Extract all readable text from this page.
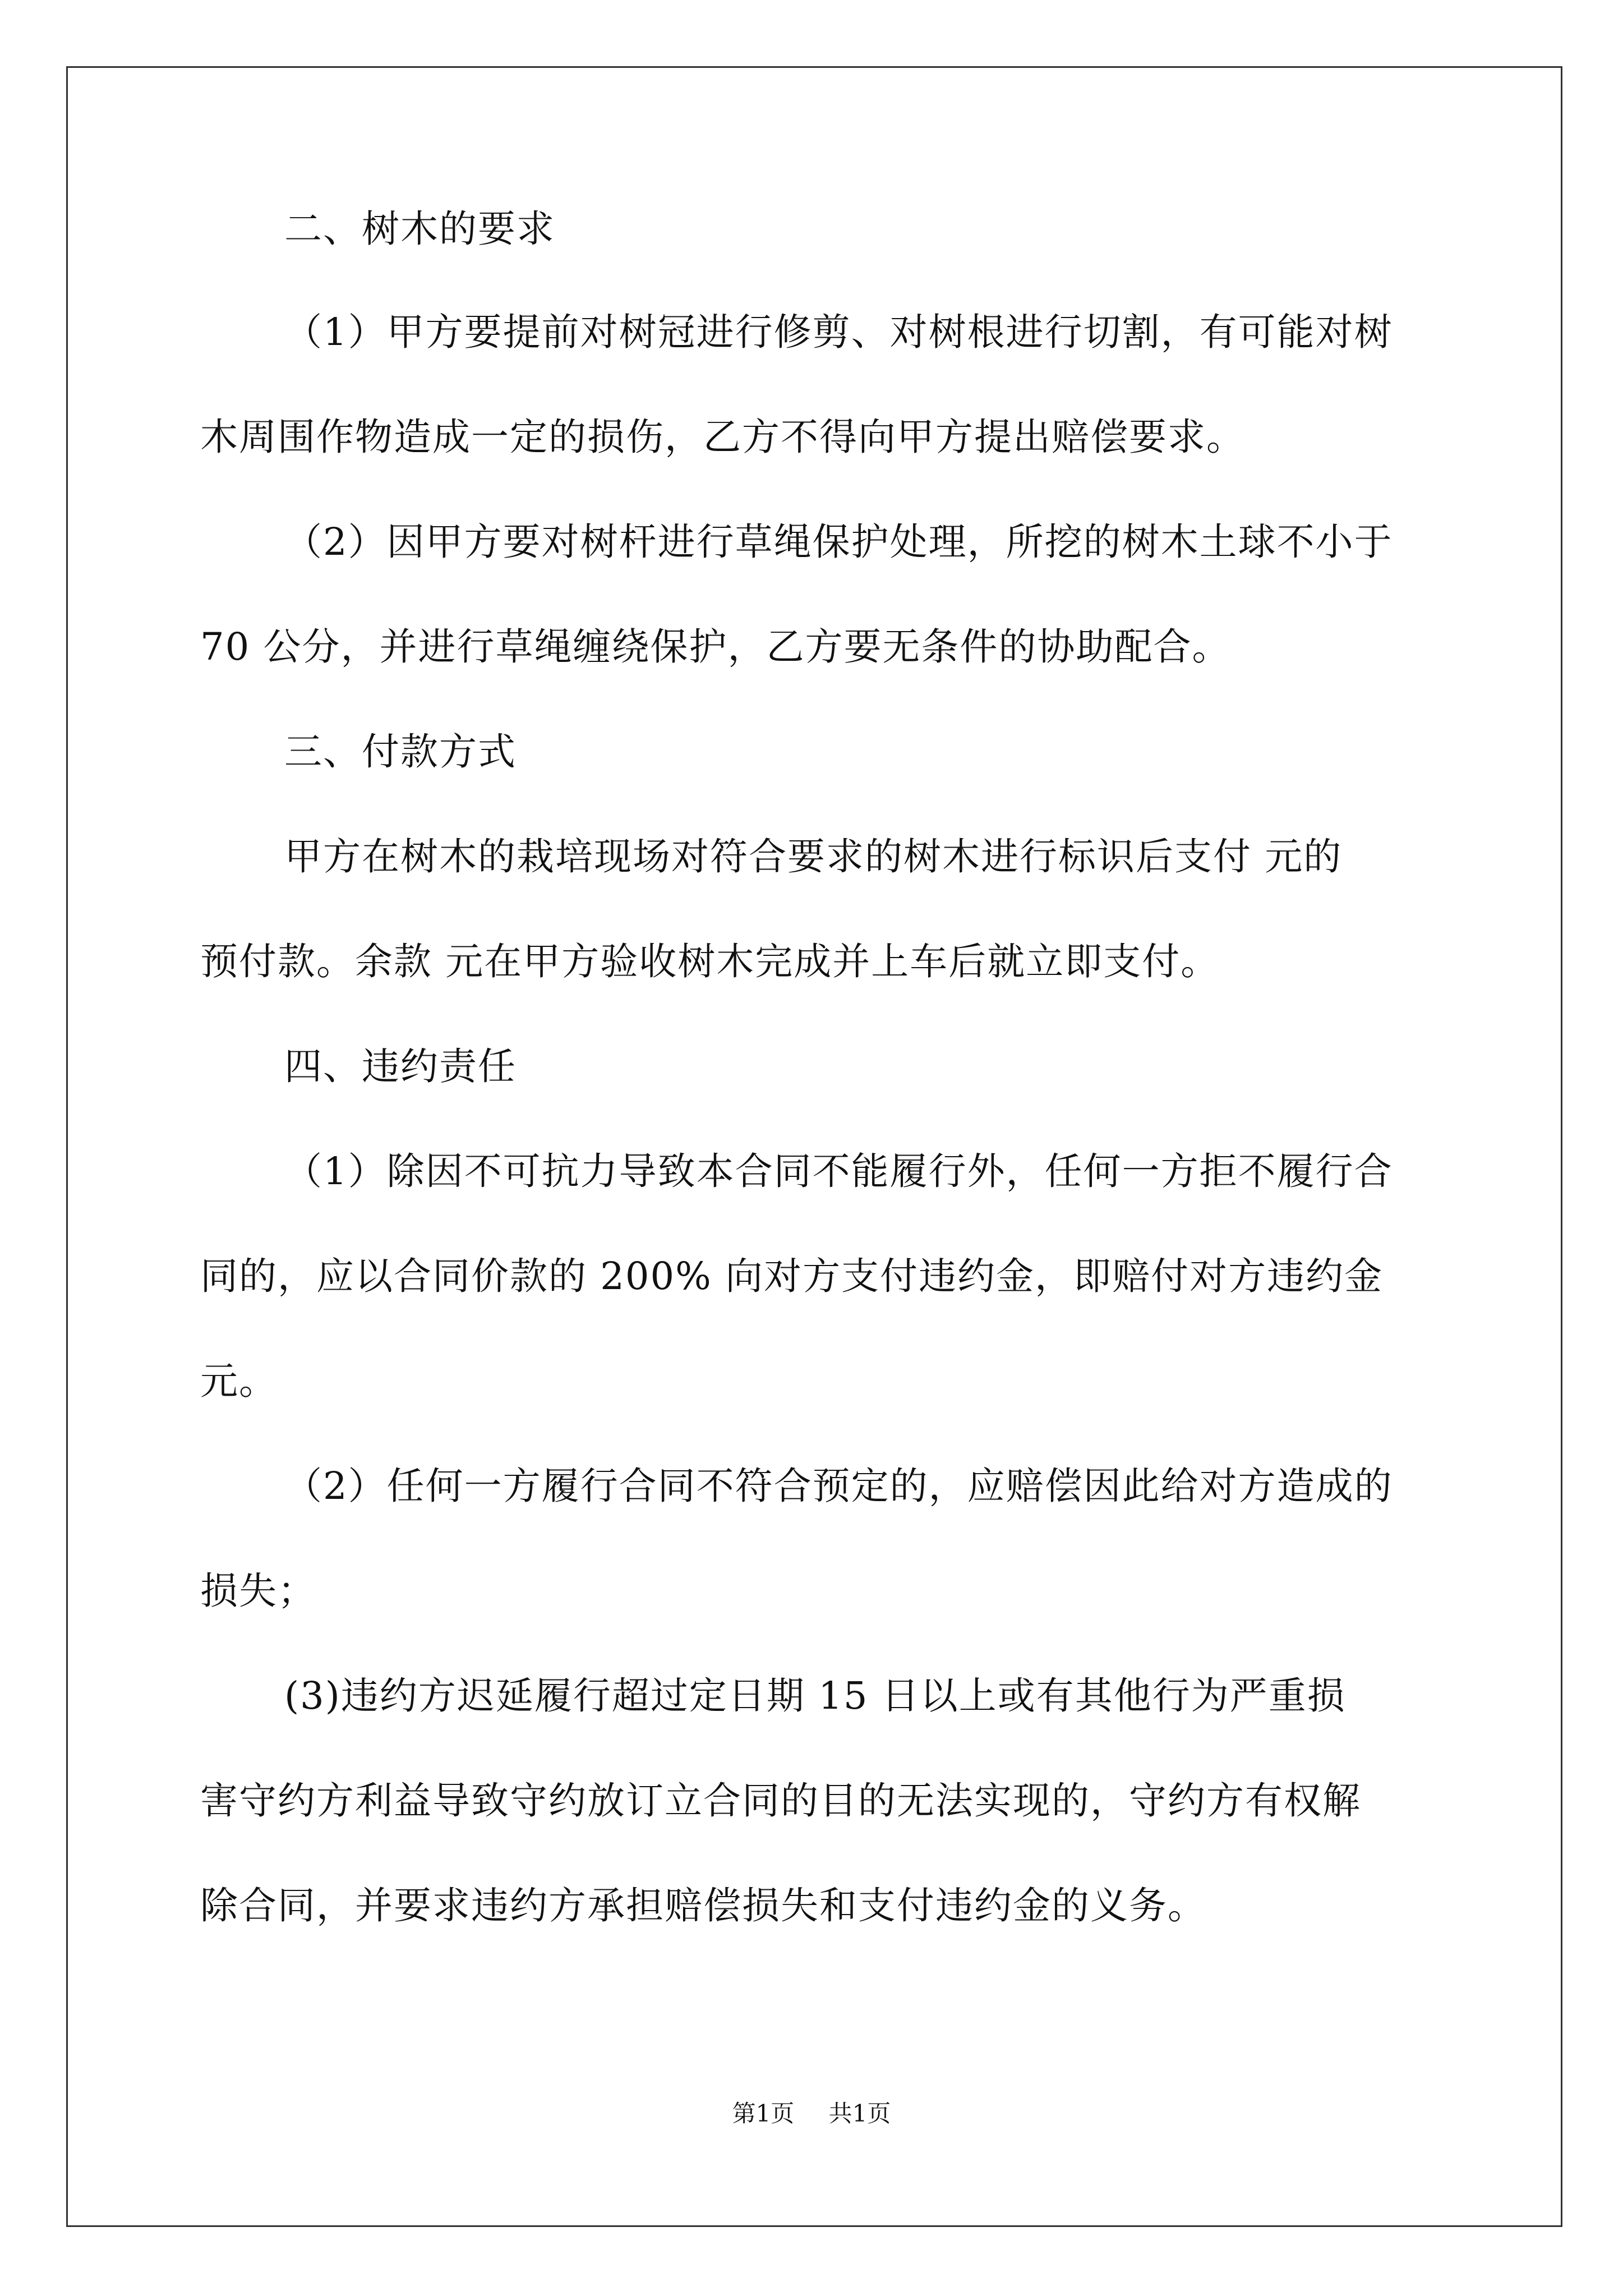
二、树木的要求

（1）甲方要提前对树冠进行修剪、对树根进行切割，有可能对树

木周围作物造成一定的损伤，乙方不得向甲方提出赔偿要求。

（2）因甲方要对树杆进行草绳保护处理，所挖的树木土球不小于

70 公分，并进行草绳缠绕保护，乙方要无条件的协助配合。

三、付款方式

甲方在树木的栽培现场对符合要求的树木进行标识后支付 元的

预付款。余款 元在甲方验收树木完成并上车后就立即支付。

四、违约责任

（1）除因不可抗力导致本合同不能履行外，任何一方拒不履行合

同的，应以合同价款的 200% 向对方支付违约金，即赔付对方违约金

元。

（2）任何一方履行合同不符合预定的，应赔偿因此给对方造成的

损失；

(3)违约方迟延履行超过定日期 15 日以上或有其他行为严重损

害守约方利益导致守约放订立合同的目的无法实现的，守约方有权解

除合同，并要求违约方承担赔偿损失和支付违约金的义务。

第1页 共1页
